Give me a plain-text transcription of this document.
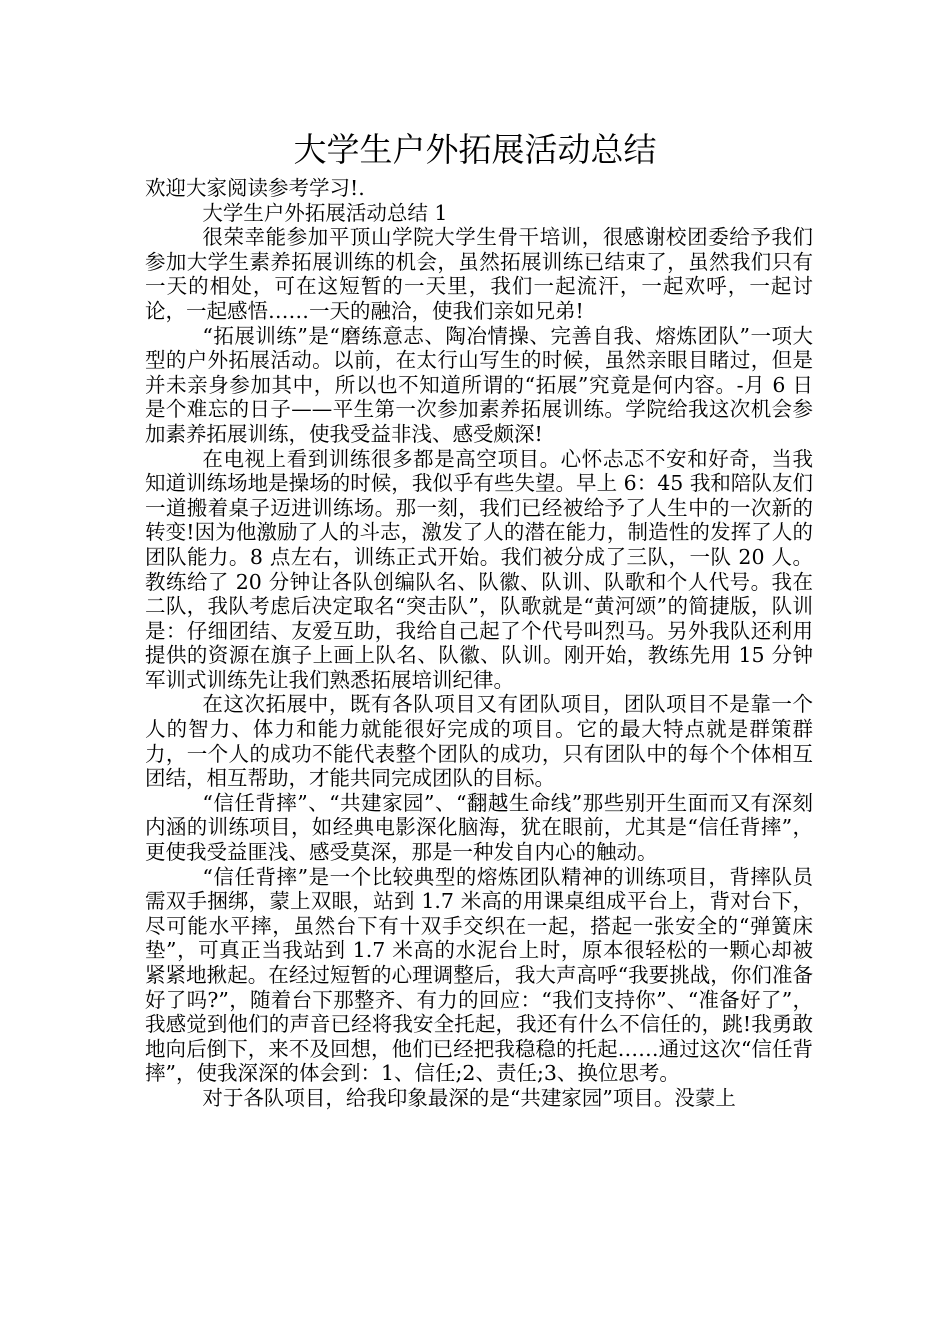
大学生户外拓展活动总结

欢迎大家阅读参考学习!.

大学生户外拓展活动总结 1

很荣幸能参加平顶山学院大学生骨干培训，很感谢校团委给予我们参加大学生素养拓展训练的机会，虽然拓展训练已结束了，虽然我们只有一天的相处，可在这短暂的一天里，我们一起流汗，一起欢呼，一起讨论，一起感悟……一天的融洽，使我们亲如兄弟!

“拓展训练”是“磨练意志、陶冶情操、完善自我、熔炼团队”一项大型的户外拓展活动。以前，在太行山写生的时候，虽然亲眼目睹过，但是并未亲身参加其中，所以也不知道所谓的“拓展”究竟是何内容。-月 6 日是个难忘的日子——平生第一次参加素养拓展训练。学院给我这次机会参加素养拓展训练，使我受益非浅、感受颇深!

在电视上看到训练很多都是高空项目。心怀忐忑不安和好奇，当我知道训练场地是操场的时候，我似乎有些失望。早上 6：45 我和陪队友们一道搬着桌子迈进训练场。那一刻，我们已经被给予了人生中的一次新的转变!因为他激励了人的斗志，激发了人的潜在能力，制造性的发挥了人的团队能力。8 点左右，训练正式开始。我们被分成了三队，一队 20 人。教练给了 20 分钟让各队创编队名、队徽、队训、队歌和个人代号。我在二队，我队考虑后决定取名“突击队”，队歌就是“黄河颂”的简捷版，队训是：仔细团结、友爱互助，我给自己起了个代号叫烈马。另外我队还利用提供的资源在旗子上画上队名、队徽、队训。刚开始，教练先用 15 分钟军训式训练先让我们熟悉拓展培训纪律。

在这次拓展中，既有各队项目又有团队项目，团队项目不是靠一个人的智力、体力和能力就能很好完成的项目。它的最大特点就是群策群力，一个人的成功不能代表整个团队的成功，只有团队中的每个个体相互团结，相互帮助，才能共同完成团队的目标。

“信任背摔”、“共建家园”、“翻越生命线”那些别开生面而又有深刻内涵的训练项目，如经典电影深化脑海，犹在眼前，尤其是“信任背摔”，更使我受益匪浅、感受莫深，那是一种发自内心的触动。

“信任背摔”是一个比较典型的熔炼团队精神的训练项目，背摔队员需双手捆绑，蒙上双眼，站到 1.7 米高的用课桌组成平台上，背对台下，尽可能水平摔，虽然台下有十双手交织在一起，搭起一张安全的“弹簧床垫”，可真正当我站到 1.7 米高的水泥台上时，原本很轻松的一颗心却被紧紧地揪起。在经过短暂的心理调整后，我大声高呼“我要挑战，你们准备好了吗?”，随着台下那整齐、有力的回应：“我们支持你”、“准备好了”，我感觉到他们的声音已经将我安全托起，我还有什么不信任的，跳!我勇敢地向后倒下，来不及回想，他们已经把我稳稳的托起……通过这次“信任背摔”，使我深深的体会到：1、信任;2、责任;3、换位思考。

对于各队项目，给我印象最深的是“共建家园”项目。没蒙上
